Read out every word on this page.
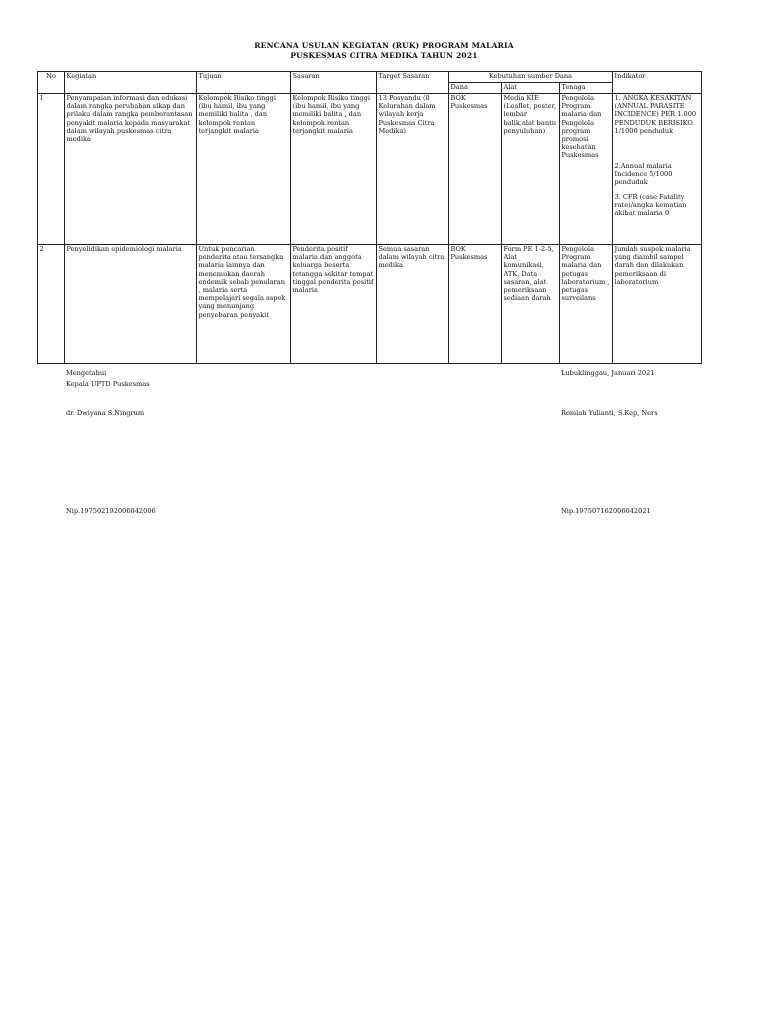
RENCANA USULAN KEGIATAN (RUK) PROGRAM MALARIA
PUSKESMAS CITRA MEDIKA TAHUN 2021
No	Kegiatan	Tujuan	Sasaran	Target Sasaran	Kebutuhan sumber Dana			Indikator
					Dana	Alat	Tenaga	
1	Penyampaian informasi dan edukasi dalam rangka perubahan sikap dan prilaku dalam rangka pemberantasan penyakit malaria kepada masyarakat dalam wilayah puskesmas citra medika	Kelompok Risiko tinggi (ibu hamil, ibu yang memiliki balita , dan kelompok rentan terjangkit malaria	Kelompok Risiko tinggi (ibu hamil, ibu yang memiliki balita , dan kelompok rentan terjangkit malaria	13 Posyandu (8 Kelurahan dalam wilayah kerja Puskesmas Citra Medika)	BOK Puskesmas	Media KIE (Leaflet, poster, lembar balik,alat bantu penyuluhan)	Pengelola Program malaria dan Pengelola program promosi kesehatan Puskesmas	1. ANGKA KESAKITAN (ANNUAL PARASITE INCIDENCE) PER 1.000 PENDUDUK BERISIKO 1/1000 penduduk

2.Annual malaria Incidence 5/1000 penduduk

3. CFR (case Fatality rate)/angka kematian akibat malaria 0

2	Penyelidikan epidemiologi malaria	Untuk pencarian penderita atau tersangka malaria lainnya dan menemukan daerah endemik sebab penularan , malaria serta mempelajari segala aspek yang menunjang penyebaran penyakit	Penderita positif malaria dan anggota keluarga beserta tetangga sekitar tempat tinggal penderita positif malaria	Semua sasaran dalam wilayah citra medika	BOK Puskesmas	Form PE 1-2-5, Alat komunikasi, ATK, Data sasaran, alat pemeriksaan sediaan darah	Pengelola Program malaria dan petugas laboratorium , petugas surveilans	Jumlah suspek malaria yang diambil sampel darah dan dilakukan pemeriksaan di laboratorium

Mengetahui
Kepala UPTD Puskesmas
dr. Dwiyana S.Ningrum
Nip.197502192006042006
Lubuklinggau, Januari 2021
Romlah Yulianti, S.Kep, Ners
Nip.197507162006042021
